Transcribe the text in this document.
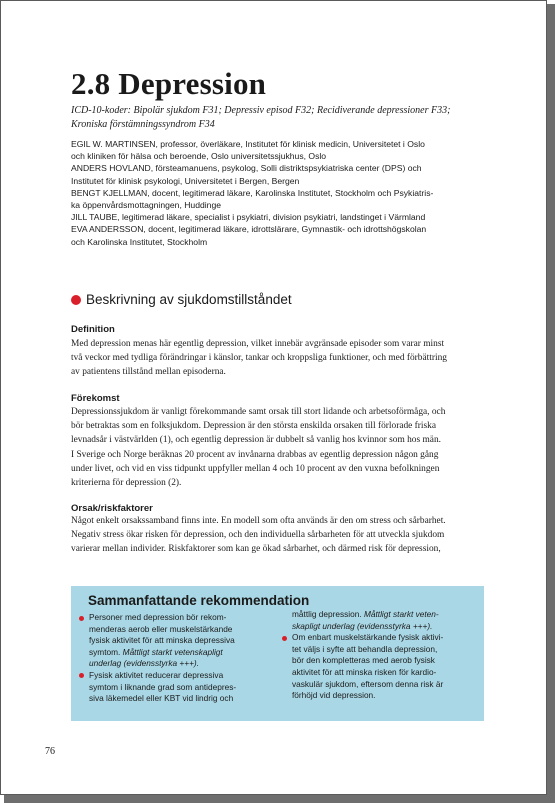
2.8 Depression

ICD-10-koder: Bipolär sjukdom F31; Depressiv episod F32; Recidiverande depressioner F33;
Kroniska förstämningssyndrom F34

EGIL W. MARTINSEN, professor, överläkare, Institutet för klinisk medicin, Universitetet i Oslo
och kliniken för hälsa och beroende, Oslo universitetssjukhus, Oslo
ANDERS HOVLAND, försteamanuens, psykolog, Solli distriktspsykiatriska center (DPS) och
Institutet för klinisk psykologi, Universitetet i Bergen, Bergen
BENGT KJELLMAN, docent, legitimerad läkare, Karolinska Institutet, Stockholm och Psykiatris-
ka öppenvårdsmottagningen, Huddinge
JILL TAUBE, legitimerad läkare, specialist i psykiatri, division psykiatri, landstinget i Värmland
EVA ANDERSSON, docent, legitimerad läkare, idrottslärare, Gymnastik- och idrottshögskolan
och Karolinska Institutet, Stockholm

Beskrivning av sjukdomstillståndet
Definition

Med depression menas här egentlig depression, vilket innebär avgränsade episoder som varar minst
två veckor med tydliga förändringar i känslor, tankar och kroppsliga funktioner, och med förbättring
av patientens tillstånd mellan episoderna.

Förekomst

Depressionssjukdom är vanligt förekommande samt orsak till stort lidande och arbetsoförmåga, och
bör betraktas som en folksjukdom. Depression är den största enskilda orsaken till förlorade friska
levnadsår i västvärlden (1), och egentlig depression är dubbelt så vanlig hos kvinnor som hos män.
I Sverige och Norge beräknas 20 procent av invånarna drabbas av egentlig depression någon gång
under livet, och vid en viss tidpunkt uppfyller mellan 4 och 10 procent av den vuxna befolkningen
kriterierna för depression (2).

Orsak/riskfaktorer

Något enkelt orsakssamband finns inte. En modell som ofta används är den om stress och sårbarhet.
Negativ stress ökar risken för depression, och den individuella sårbarheten för att utveckla sjukdom
varierar mellan individer. Riskfaktorer som kan ge ökad sårbarhet, och därmed risk för depression,

Sammanfattande rekommendation
Personer med depression bör rekom-
menderas aerob eller muskelstärkande
fysisk aktivitet för att minska depressiva
symtom. Måttligt starkt vetenskapligt
underlag (evidensstyrka +++).
Fysisk aktivitet reducerar depressiva
symtom i liknande grad som antidepres-
siva läkemedel eller KBT vid lindrig och
måttlig depression. Måttligt starkt veten-
skapligt underlag (evidensstyrka +++).
Om enbart muskelstärkande fysisk aktivi-
tet väljs i syfte att behandla depression,
bör den kompletteras med aerob fysisk
aktivitet för att minska risken för kardio-
vaskulär sjukdom, eftersom denna risk är
förhöjd vid depression.

76
